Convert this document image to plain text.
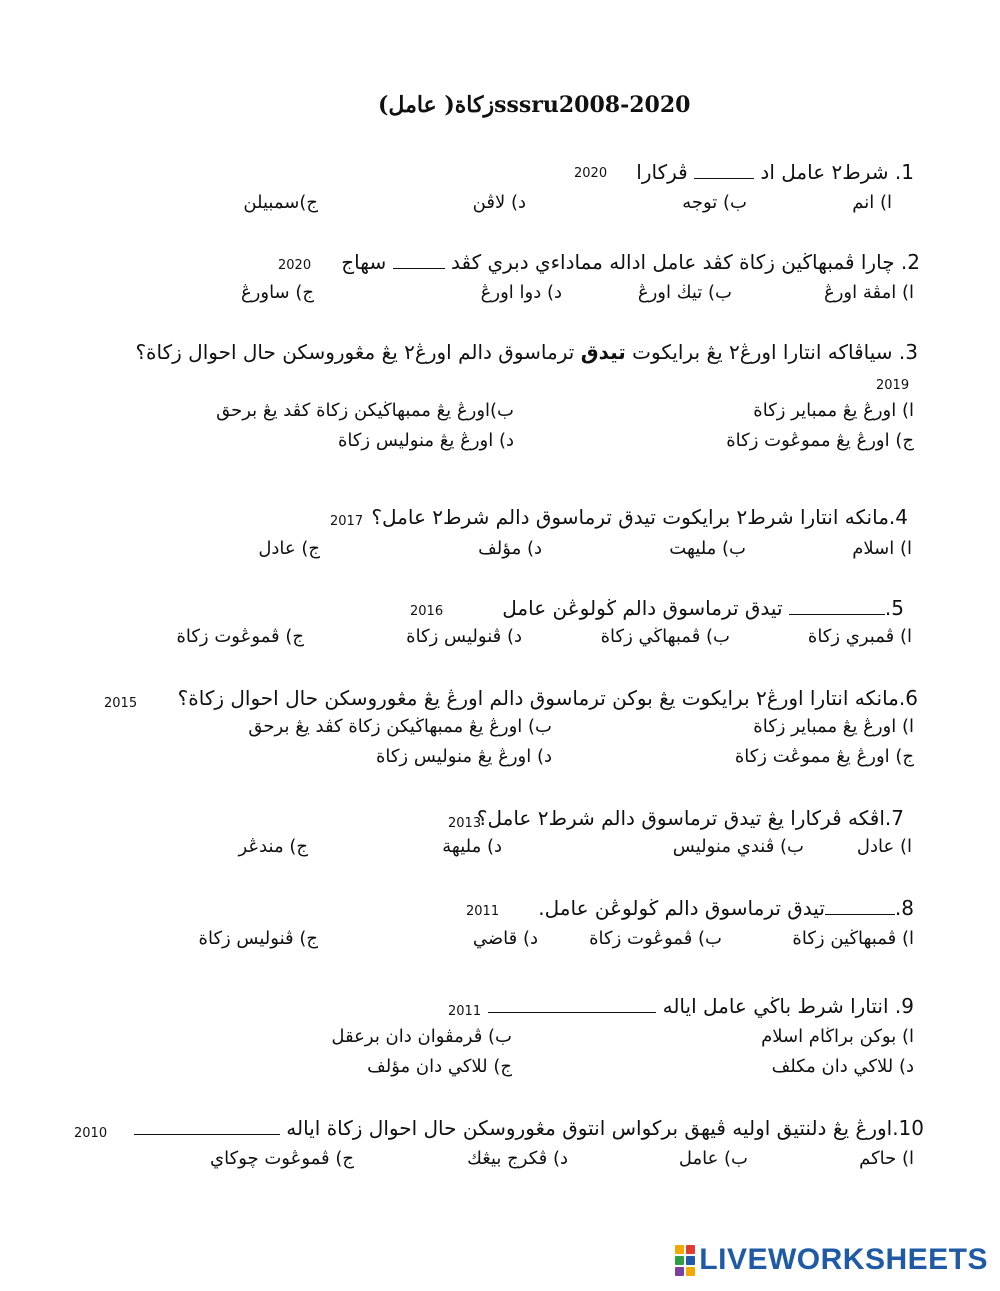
زكاة( عامل)sssru2008-2020
1. شرط٢ عامل اد  ڤركارا
2020
ا) انم
ب) توجه
د) لاڤن
ج)سمبيلن
2. چارا ڤمبهاڬين زكاة كڤد عامل اداله مماداءي دبري كڤد  سهاج
2020
ا) امڤة اورڠ
ب) تيڬ اورڠ
د) دوا اورڠ
ج) ساورڠ
3. سياڤاكه انتارا اورڠ٢ يڠ برايكوت تيدق ترماسوق دالم اورڠ٢ يڠ مڠوروسكن حال احوال زكاة؟
2019
ا) اورڠ يڠ ممباير زكاة
ب)اورڠ يڠ ممبهاڬيكن زكاة كڤد يڠ برحق
ج) اورڠ يڠ مموڠوت زكاة
د) اورڠ يڠ منوليس زكاة
4.مانكه انتارا شرط٢ برايكوت تيدق ترماسوق دالم شرط٢ عامل؟
2017
ا) اسلام
ب) مليهت
د) مؤلف
ج) عادل
5. تيدق ترماسوق دالم ڬولوڠن عامل
2016
ا) ڤمبري زكاة
ب) ڤمبهاڬي زكاة
د) ڤنوليس زكاة
ج) ڤموڠوت زكاة
6.مانكه انتارا اورڠ٢ برايكوت يڠ بوكن ترماسوق دالم اورڠ يڠ مڠوروسكن حال احوال زكاة؟
2015
ا) اورڠ يڠ ممباير زكاة
ب) اورڠ يڠ ممبهاڬيكن زكاة كڤد يڠ برحق
ج) اورڠ يڠ مموڠت زكاة
د) اورڠ يڠ منوليس زكاة
7.اڤكه ڤركارا يڠ تيدق ترماسوق دالم شرط٢ عامل؟
2013
ا) عادل
ب) ڤندي منوليس
د) مليهة
ج) مندڠر
8.تيدق ترماسوق دالم ڬولوڠن عامل.
2011
ا) ڤمبهاڬين زكاة
ب) ڤموڠوت زكاة
د) قاضي
ج) ڤنوليس زكاة
9. انتارا شرط باڬي عامل اياله
2011
ا) بوكن براڬام اسلام
ب) ڤرمڤوان دان برعقل
د) للاكي دان مكلف
ج) للاكي دان مؤلف
10.اورڠ يڠ دلنتيق اوليه ڤيهق بركواس انتوق مڠوروسكن حال احوال زكاة اياله
2010
ا) حاكم
ب) عامل
د) ڤكرج بيڠك
ج) ڤموڠوت چوكاي
LIVEWORKSHEETS
